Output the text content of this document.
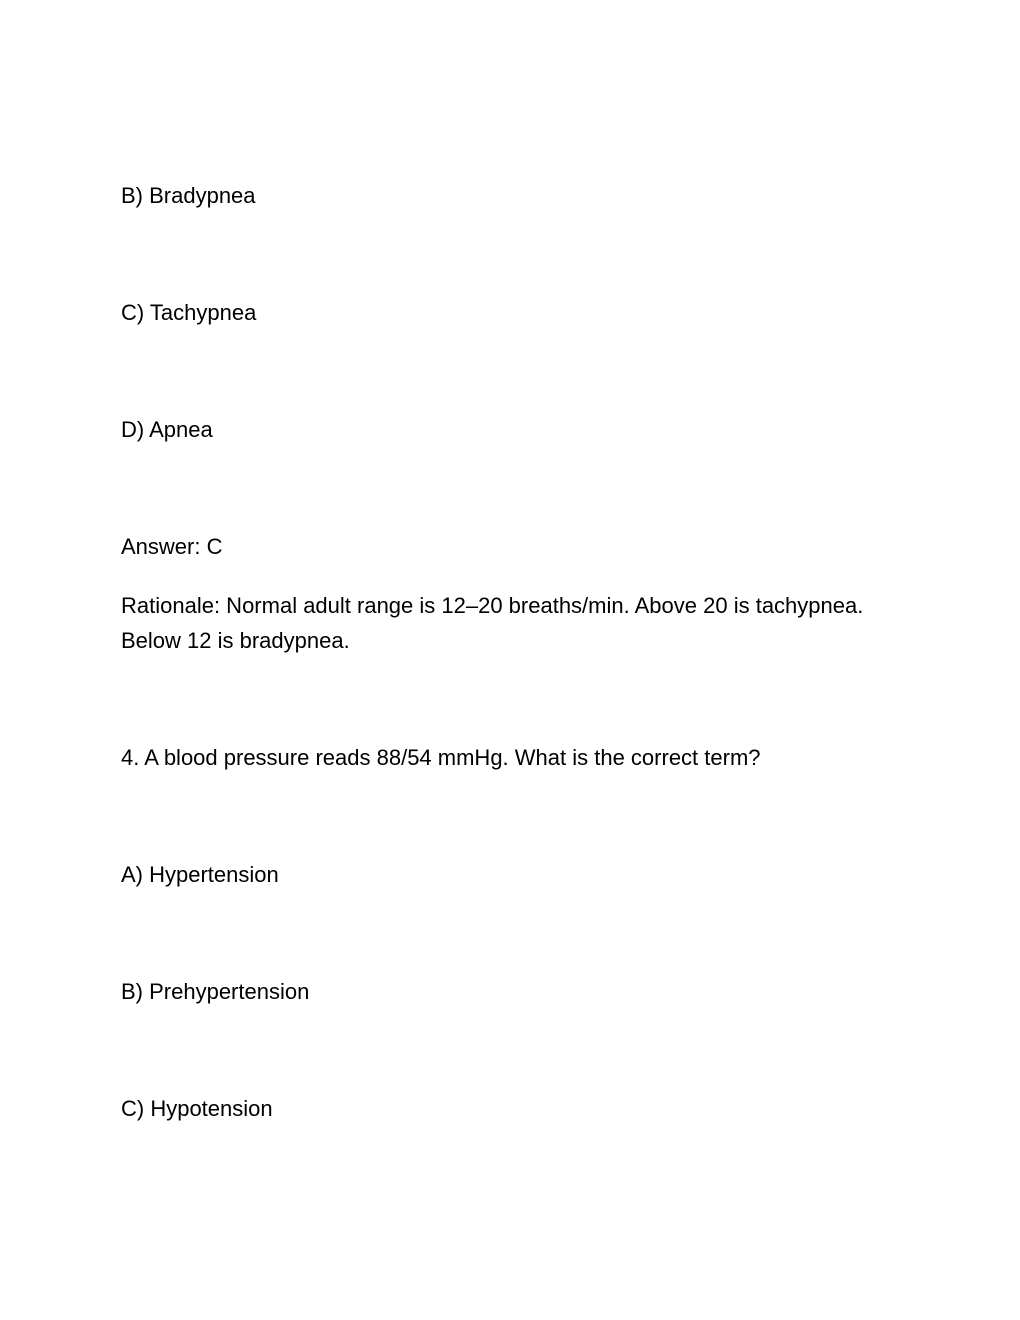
B) Bradypnea

C) Tachypnea

D) Apnea

Answer: C

Rationale: Normal adult range is 12–20 breaths/min. Above 20 is tachypnea. Below 12 is bradypnea.

4. A blood pressure reads 88/54 mmHg. What is the correct term?

A) Hypertension

B) Prehypertension

C) Hypotension
